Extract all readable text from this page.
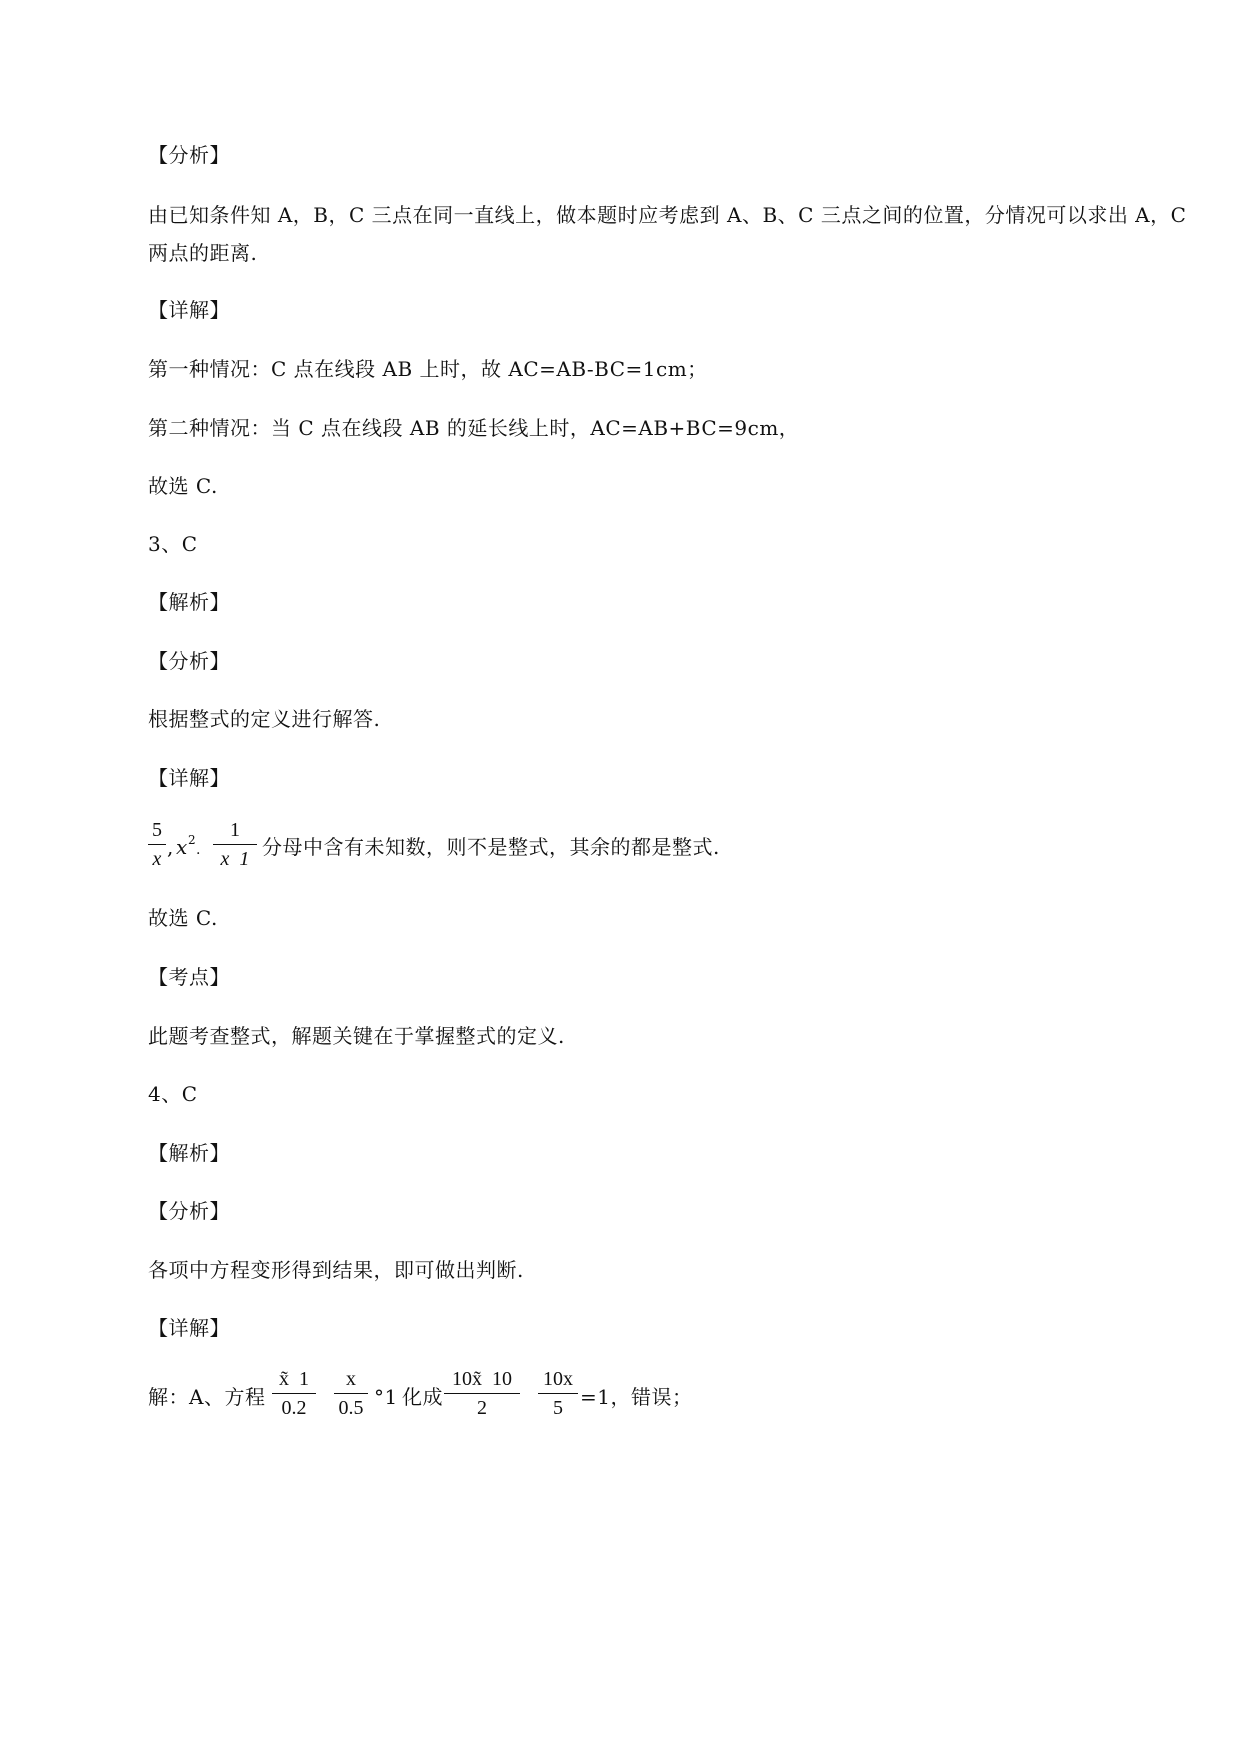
【分析】
由已知条件知 A，B，C 三点在同一直线上，做本题时应考虑到 A、B、C 三点之间的位置，分情况可以求出 A，C 两点的距离.
【详解】
第一种情况：C 点在线段 AB 上时，故 AC=AB-BC=1cm；
第二种情况：当 C 点在线段 AB 的延长线上时，AC=AB+BC=9cm，
故选 C.
3、C
【解析】
【分析】
根据整式的定义进行解答.
【详解】
5
x , x 2
.
1
x  1 分母中含有未知数，则不是整式，其余的都是整式.
故选 C.
【考点】
此题考查整式，解题关键在于掌握整式的定义.
4、C
【解析】
【分析】
各项中方程变形得到结果，即可做出判断.
【详解】
解：A、方程
x̃  1
0.2
x
0.5 °1 化成
10x̃  10
2
10x
5 =1，错误；
